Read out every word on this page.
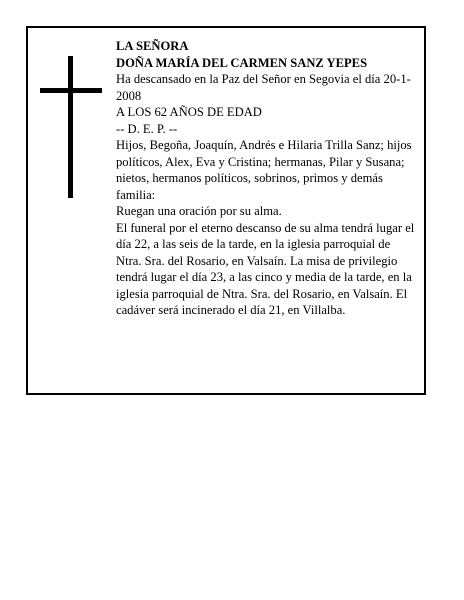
LA SEÑORA

DOÑA MARÍA DEL CARMEN SANZ YEPES

Ha descansado en la Paz del Señor en Segovia el día 20-1-2008

A LOS 62 AÑOS DE EDAD

-- D. E. P. --

Hijos, Begoña, Joaquín, Andrés e Hilaria Trilla Sanz; hijos políticos, Alex, Eva y Cristina; hermanas, Pilar y Susana; nietos, hermanos políticos, sobrinos, primos y demás familia:

Ruegan una oración por su alma.

El funeral por el eterno descanso de su alma tendrá lugar el día 22, a las seis de la tarde, en la iglesia parroquial de Ntra. Sra. del Rosario, en Valsaín. La misa de privilegio tendrá lugar el día 23, a las cinco y media de la tarde, en la iglesia parroquial de Ntra. Sra. del Rosario, en Valsaín. El cadáver será incinerado el día 21, en Villalba.
